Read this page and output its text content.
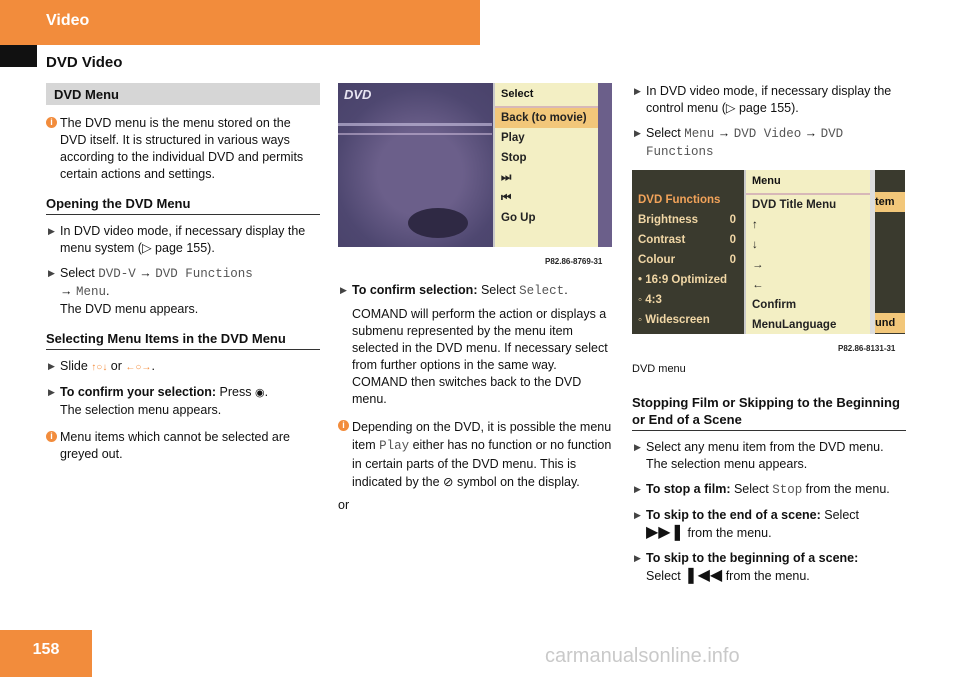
Video
DVD Video
DVD Menu
i The DVD menu is the menu stored on the DVD itself. It is structured in various ways according to the individual DVD and permits certain actions and settings.
Opening the DVD Menu
▶ In DVD video mode, if necessary display the menu system (▷ page 155).
▶ Select DVD-V → DVD Functions
→ Menu.
The DVD menu appears.
Selecting Menu Items in the DVD Menu
▶ Slide ↑○↓ or ←○→.
▶ To confirm your selection: Press ◉.
The selection menu appears.
i Menu items which cannot be selected are greyed out.
DVD	Select
Back (to movie)
Play
Stop
⏭
⏮
Go Up
P82.86-8769-31
▶ To confirm selection: Select Select.
COMAND will perform the action or displays a submenu represented by the menu item selected in the DVD menu. If necessary select from further options in the same way.
COMAND then switches back to the DVD menu.
i Depending on the DVD, it is possible the menu item Play either has no function or no function in certain parts of the DVD menu. This is indicated by the ⊘ symbol on the display.
or
▶ In DVD video mode, if necessary display the control menu (▷ page 155).
▶ Select Menu → DVD Video → DVD Functions
DVD Functions
Brightness	0
Contrast	0
Colour	0
• 16:9 Optimized
◦ 4:3
◦ Widescreen
Menu
DVD Title Menu
↑
↓
→
←
Confirm
MenuLanguage
tem
und
P82.86-8131-31
DVD menu
Stopping Film or Skipping to the Beginning or End of a Scene
▶ Select any menu item from the DVD menu.
The selection menu appears.
▶ To stop a film: Select Stop from the menu.
▶ To skip to the end of a scene: Select
▶▶❚ from the menu.
▶ To skip to the beginning of a scene:
Select ❚◀◀ from the menu.
158	carmanualsonline.info
